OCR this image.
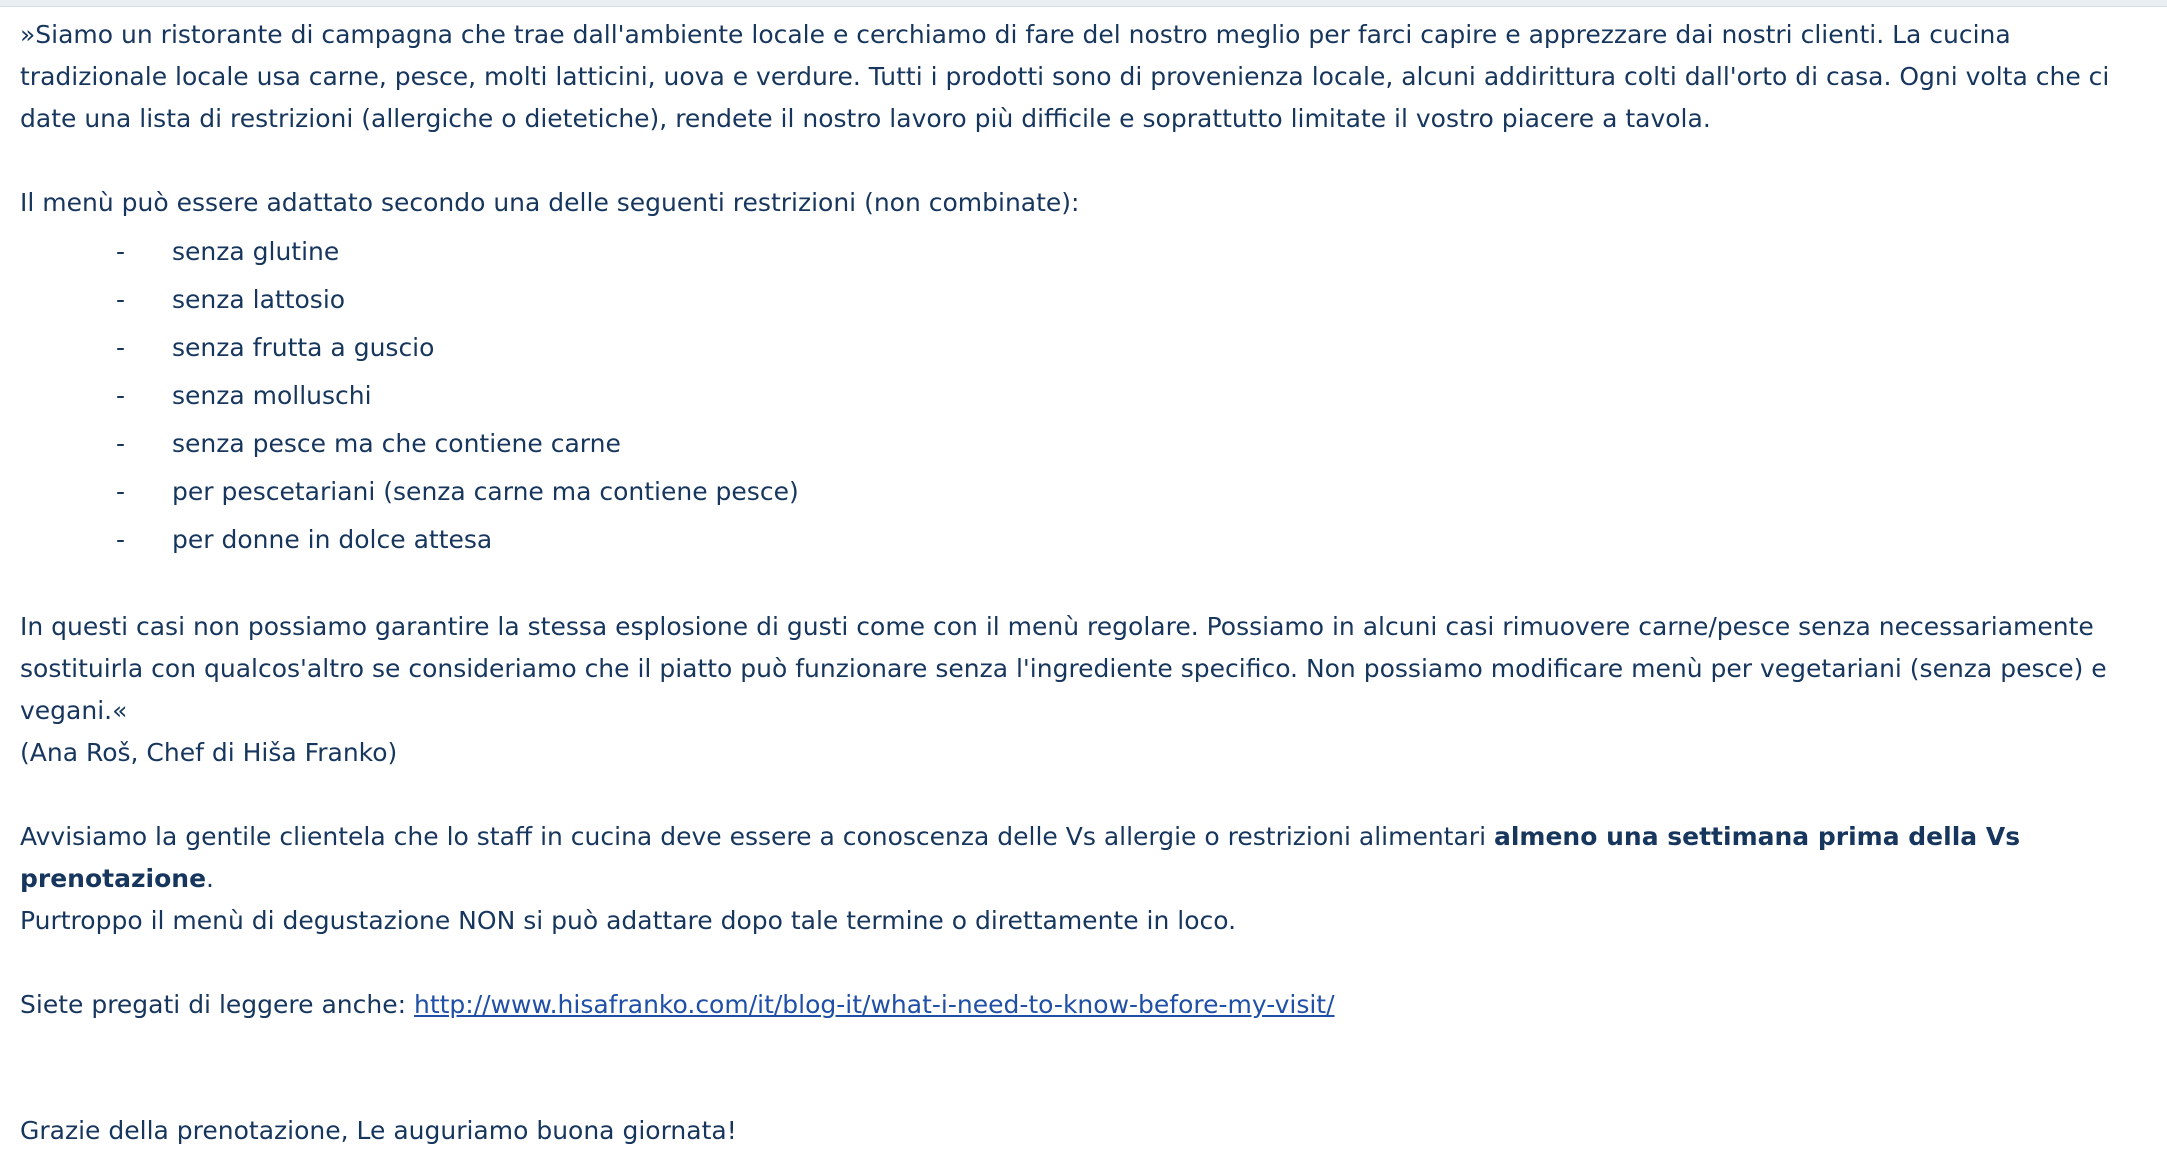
»Siamo un ristorante di campagna che trae dall'ambiente locale e cerchiamo di fare del nostro meglio per farci capire e apprezzare dai nostri clienti. La cucina tradizionale locale usa carne, pesce, molti latticini, uova e verdure. Tutti i prodotti sono di provenienza locale, alcuni addirittura colti dall'orto di casa. Ogni volta che ci date una lista di restrizioni (allergiche o dietetiche), rendete il nostro lavoro più difficile e soprattutto limitate il vostro piacere a tavola.

Il menù può essere adattato secondo una delle seguenti restrizioni (non combinate):

- senza glutine
- senza lattosio
- senza frutta a guscio
- senza molluschi
- senza pesce ma che contiene carne
- per pescetariani (senza carne ma contiene pesce)
- per donne in dolce attesa

In questi casi non possiamo garantire la stessa esplosione di gusti come con il menù regolare. Possiamo in alcuni casi rimuovere carne/pesce senza necessariamente sostituirla con qualcos'altro se consideriamo che il piatto può funzionare senza l'ingrediente specifico. Non possiamo modificare menù per vegetariani (senza pesce) e vegani.«

(Ana Roš, Chef di Hiša Franko)

Avvisiamo la gentile clientela che lo staff in cucina deve essere a conoscenza delle Vs allergie o restrizioni alimentari almeno una settimana prima della Vs prenotazione.

Purtroppo il menù di degustazione NON si può adattare dopo tale termine o direttamente in loco.

Siete pregati di leggere anche: http://www.hisafranko.com/it/blog-it/what-i-need-to-know-before-my-visit/

Grazie della prenotazione, Le auguriamo buona giornata!
